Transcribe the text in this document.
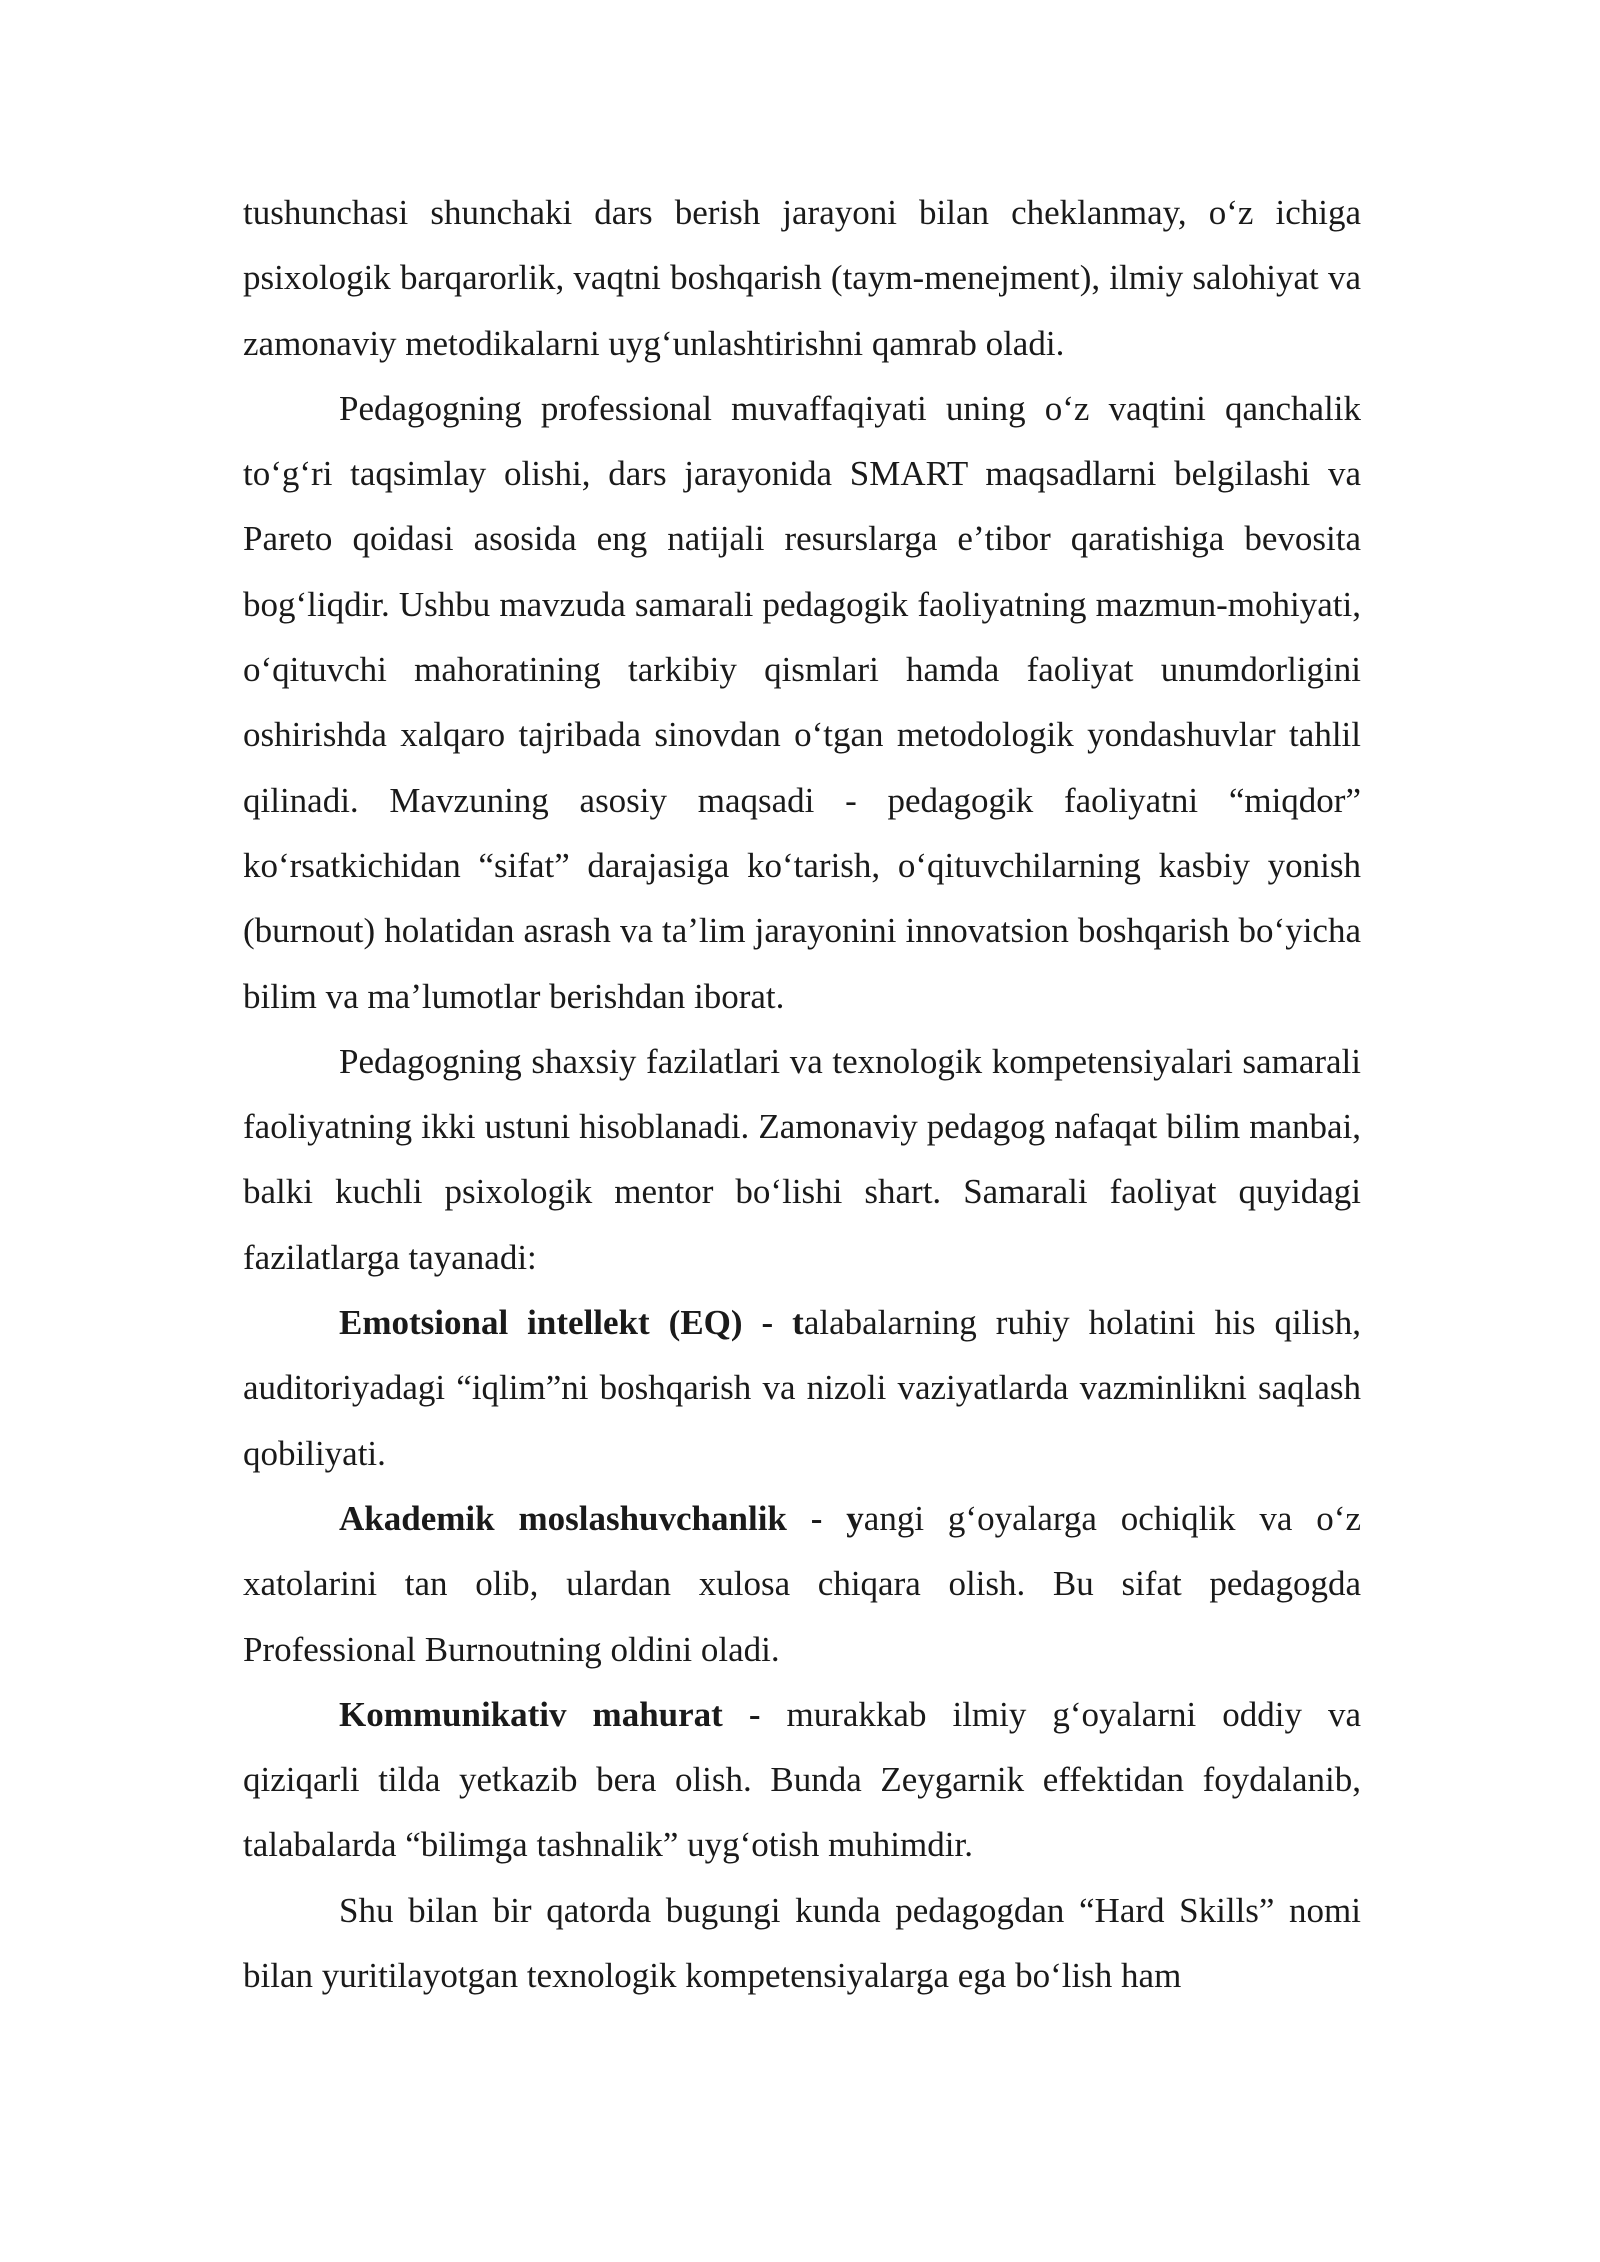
tushunchasi shunchaki dars berish jarayoni bilan cheklanmay, oʻz ichiga psixologik barqarorlik, vaqtni boshqarish (taym-menejment), ilmiy salohiyat va zamonaviy metodikalarni uygʻunlashtirishni qamrab oladi.

Pedagogning professional muvaffaqiyati uning oʻz vaqtini qanchalik toʻgʻri taqsimlay olishi, dars jarayonida SMART maqsadlarni belgilashi va Pareto qoidasi asosida eng natijali resurslarga eʼtibor qaratishiga bevosita bogʻliqdir. Ushbu mavzuda samarali pedagogik faoliyatning mazmun-mohiyati, oʻqituvchi mahoratining tarkibiy qismlari hamda faoliyat unumdorligini oshirishda xalqaro tajribada sinovdan oʻtgan metodologik yondashuvlar tahlil qilinadi. Mavzuning asosiy maqsadi - pedagogik faoliyatni “miqdor” koʻrsatkichidan “sifat” darajasiga koʻtarish, oʻqituvchilarning kasbiy yonish (burnout) holatidan asrash va taʼlim jarayonini innovatsion boshqarish boʻyicha bilim va maʼlumotlar berishdan iborat.

Pedagogning shaxsiy fazilatlari va texnologik kompetensiyalari samarali faoliyatning ikki ustuni hisoblanadi. Zamonaviy pedagog nafaqat bilim manbai, balki kuchli psixologik mentor boʻlishi shart. Samarali faoliyat quyidagi fazilatlarga tayanadi:

Emotsional intellekt (EQ) - talabalarning ruhiy holatini his qilish, auditoriyadagi “iqlim”ni boshqarish va nizoli vaziyatlarda vazminlikni saqlash qobiliyati.

Akademik moslashuvchanlik - yangi gʻoyalarga ochiqlik va oʻz xatolarini tan olib, ulardan xulosa chiqara olish. Bu sifat pedagogda Professional Burnoutning oldini oladi.

Kommunikativ mahurat - murakkab ilmiy gʻoyalarni oddiy va qiziqarli tilda yetkazib bera olish. Bunda Zeygarnik effektidan foydalanib, talabalarda “bilimga tashnalik” uygʻotish muhimdir.

Shu bilan bir qatorda bugungi kunda pedagogdan “Hard Skills” nomi bilan yuritilayotgan texnologik kompetensiyalarga ega boʻlish ham
